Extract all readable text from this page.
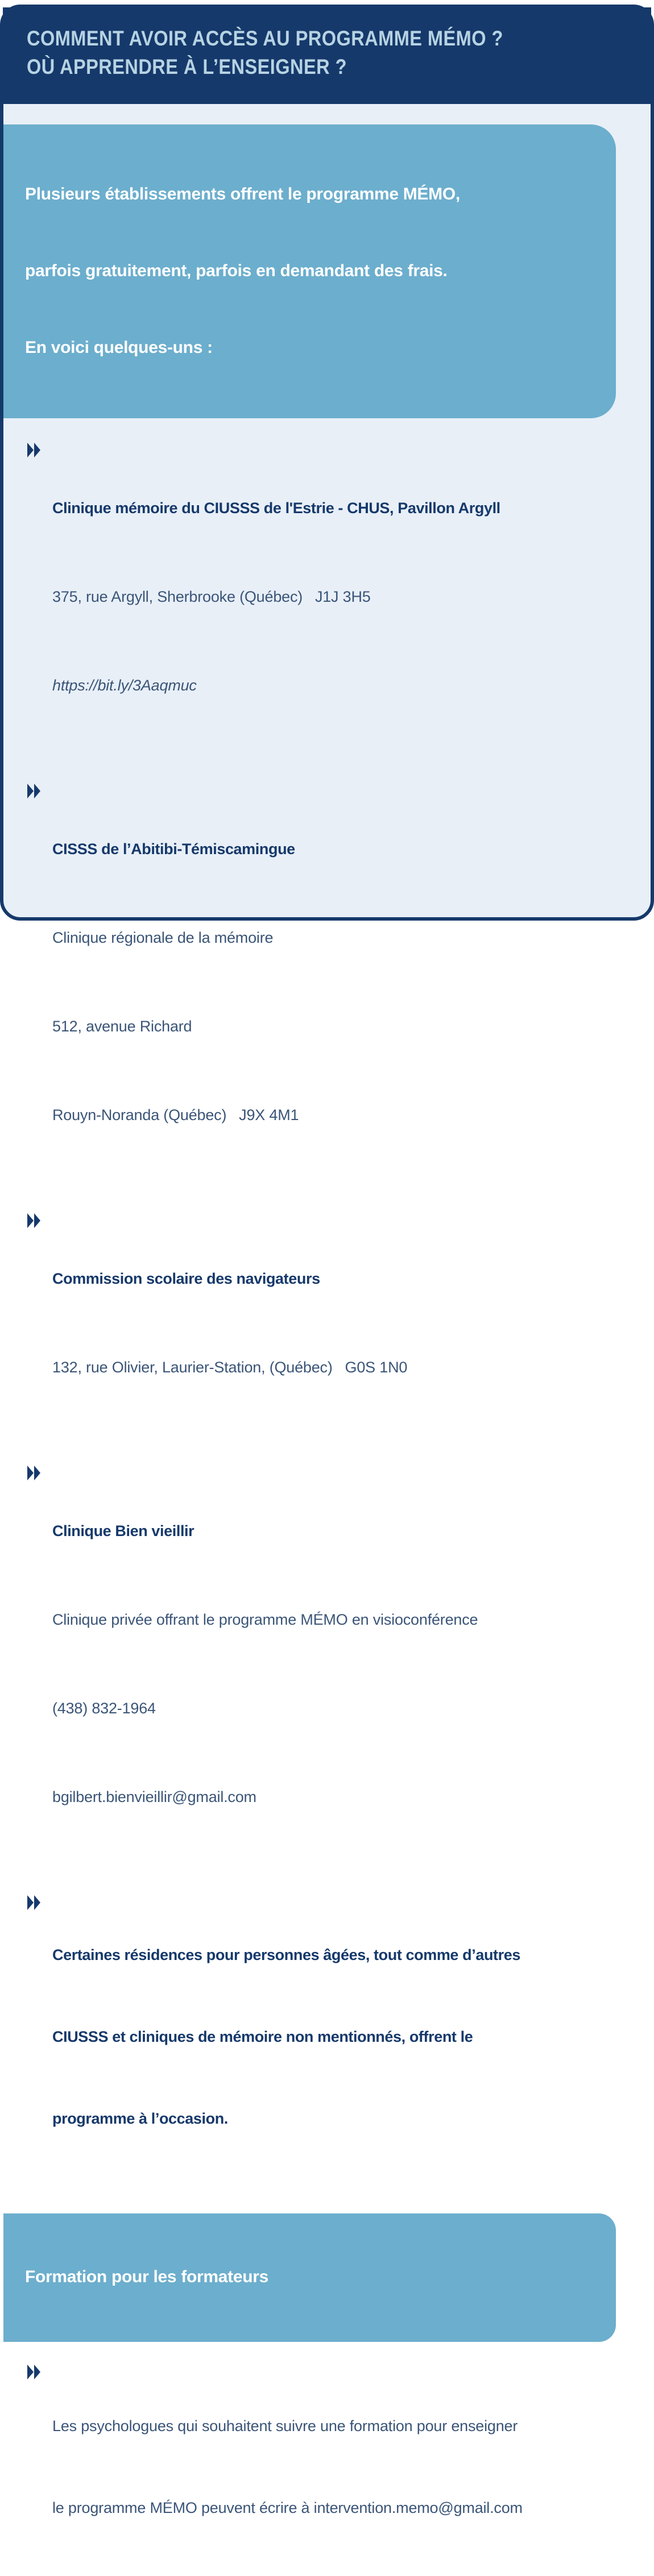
COMMENT AVOIR ACCÈS AU PROGRAMME MÉMO ?
OÙ APPRENDRE À L’ENSEIGNER ?

Plusieurs établissements offrent le programme MÉMO,

parfois gratuitement, parfois en demandant des frais.

En voici quelques-uns :

Clinique mémoire du CIUSSS de l'Estrie - CHUS, Pavillon Argyll

375, rue Argyll, Sherbrooke (Québec)   J1J 3H5

https://bit.ly/3Aaqmuc

CISSS de l’Abitibi-Témiscamingue

Clinique régionale de la mémoire

512, avenue Richard

Rouyn-Noranda (Québec)   J9X 4M1

Commission scolaire des navigateurs

132, rue Olivier, Laurier-Station, (Québec)   G0S 1N0

Clinique Bien vieillir

Clinique privée offrant le programme MÉMO en visioconférence

(438) 832-1964

bgilbert.bienvieillir@gmail.com

Certaines résidences pour personnes âgées, tout comme d’autres

CIUSSS et cliniques de mémoire non mentionnés, offrent le

programme à l’occasion.

Formation pour les formateurs

Les psychologues qui souhaitent suivre une formation pour enseigner

le programme MÉMO peuvent écrire à intervention.memo@gmail.com
